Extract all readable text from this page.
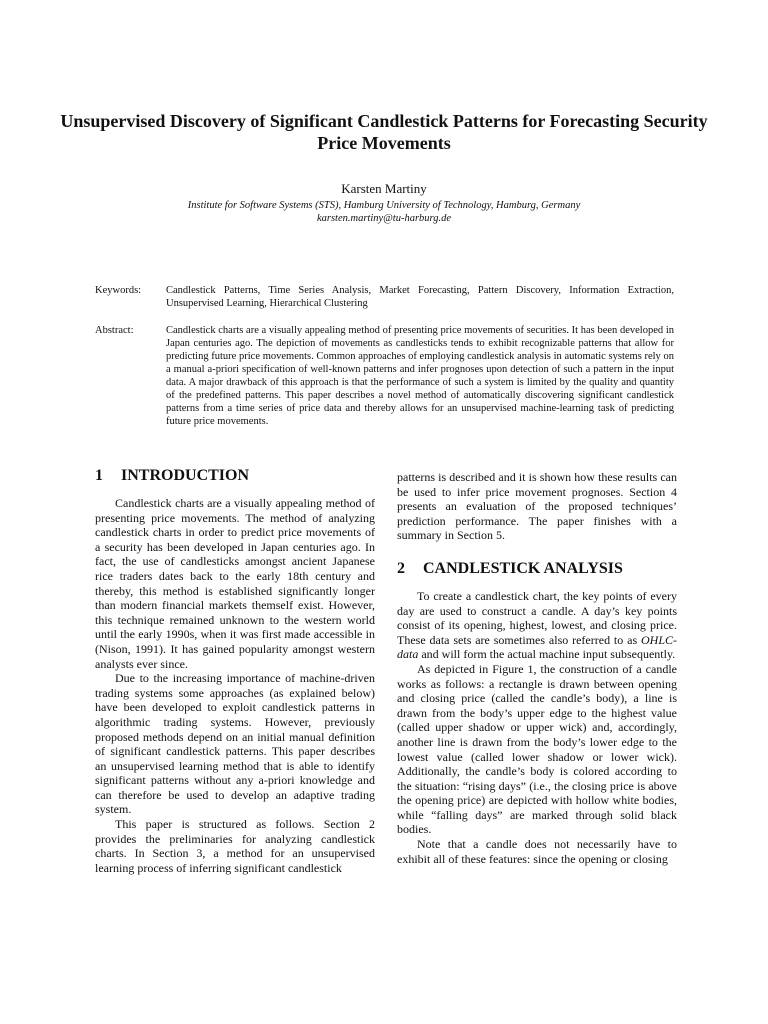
Unsupervised Discovery of Significant Candlestick Patterns for Forecasting Security Price Movements
Karsten Martiny
Institute for Software Systems (STS), Hamburg University of Technology, Hamburg, Germany
karsten.martiny@tu-harburg.de
Keywords: Candlestick Patterns, Time Series Analysis, Market Forecasting, Pattern Discovery, Information Extraction, Unsupervised Learning, Hierarchical Clustering
Abstract:	Candlestick charts are a visually appealing method of presenting price movements of securities. It has been developed in Japan centuries ago. The depiction of movements as candlesticks tends to exhibit recognizable patterns that allow for predicting future price movements. Common approaches of employing candlestick analysis in automatic systems rely on a manual a-priori specification of well-known patterns and infer prognoses upon detection of such a pattern in the input data. A major drawback of this approach is that the performance of such a system is limited by the quality and quantity of the predefined patterns. This paper describes a novel method of automatically discovering significant candlestick patterns from a time series of price data and thereby allows for an unsupervised machine-learning task of predicting future price movements.
1	INTRODUCTION

Candlestick charts are a visually appealing method of presenting price movements. The method of analyzing candlestick charts in order to predict price movements of a security has been developed in Japan centuries ago. In fact, the use of candlesticks amongst ancient Japanese rice traders dates back to the early 18th century and thereby, this method is established significantly longer than modern financial markets themself exist. However, this technique remained unknown to the western world until the early 1990s, when it was first made accessible in (Nison, 1991). It has gained popularity amongst western analysts ever since.

Due to the increasing importance of machine-driven trading systems some approaches (as explained below) have been developed to exploit candlestick patterns in algorithmic trading systems. However, previously proposed methods depend on an initial manual definition of significant candlestick patterns. This paper describes an unsupervised learning method that is able to identify significant patterns without any a-priori knowledge and can therefore be used to develop an adaptive trading system.

This paper is structured as follows. Section 2 provides the preliminaries for analyzing candlestick charts. In Section 3, a method for an unsupervised learning process of inferring significant candlestick

patterns is described and it is shown how these results can be used to infer price movement prognoses. Section 4 presents an evaluation of the proposed techniques’ prediction performance. The paper finishes with a summary in Section 5.

2	CANDLESTICK ANALYSIS

To create a candlestick chart, the key points of every day are used to construct a candle. A day’s key points consist of its opening, highest, lowest, and closing price. These data sets are sometimes also referred to as OHLC-data and will form the actual machine input subsequently.

As depicted in Figure 1, the construction of a candle works as follows: a rectangle is drawn between opening and closing price (called the candle’s body), a line is drawn from the body’s upper edge to the highest value (called upper shadow or upper wick) and, accordingly, another line is drawn from the body’s lower edge to the lowest value (called lower shadow or lower wick). Additionally, the candle’s body is colored according to the situation: “rising days” (i.e., the closing price is above the opening price) are depicted with hollow white bodies, while “falling days” are marked through solid black bodies.

Note that a candle does not necessarily have to exhibit all of these features: since the opening or closing
